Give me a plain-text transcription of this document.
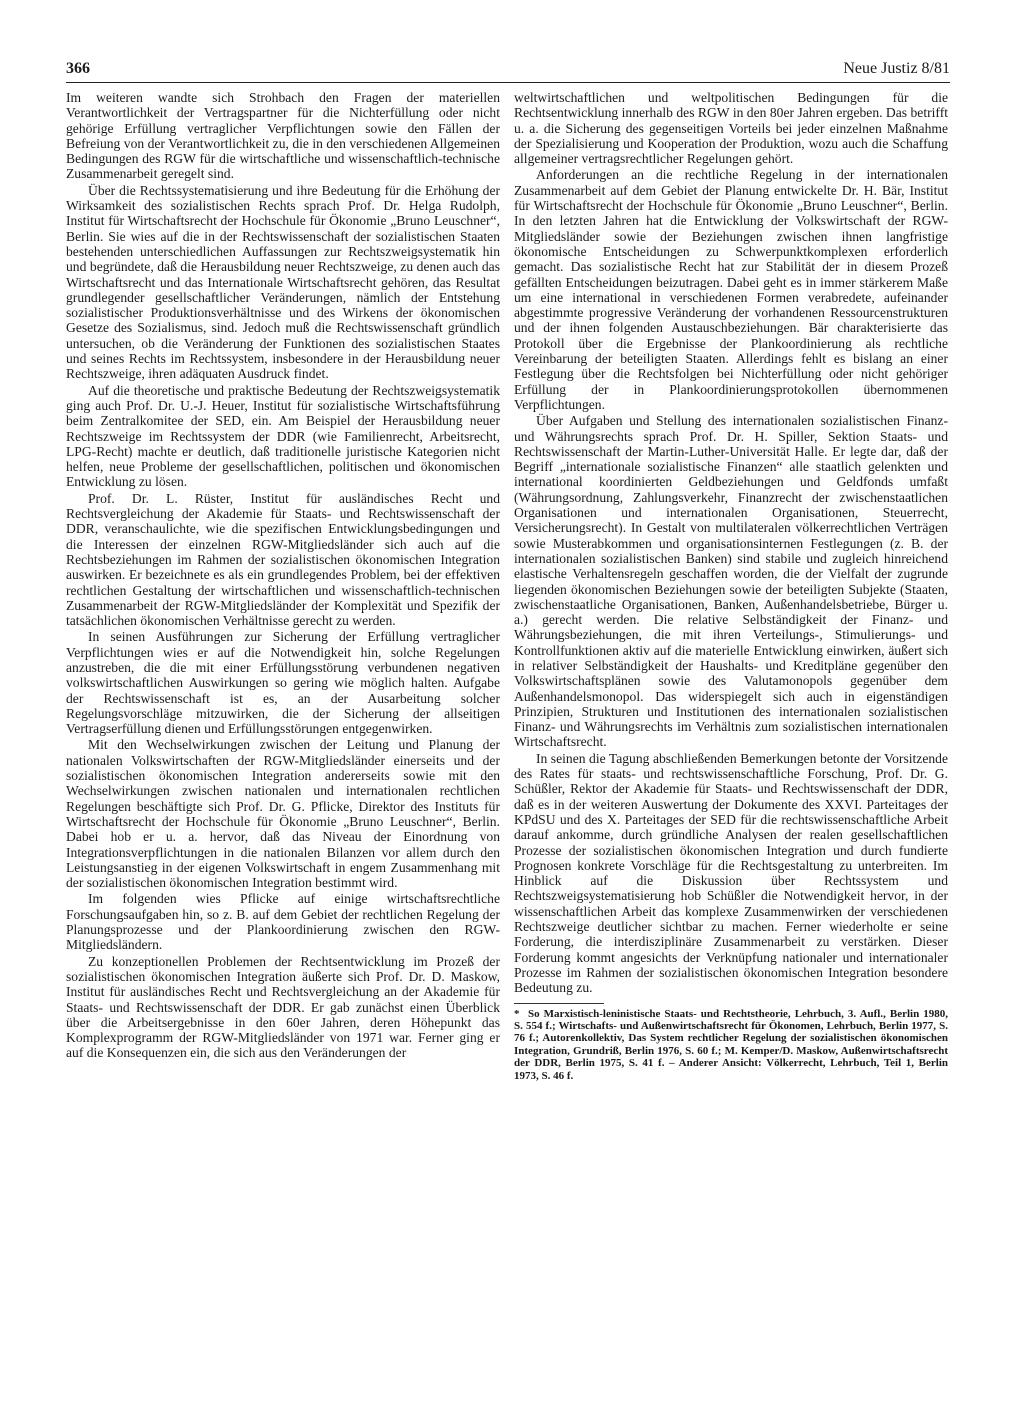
366	Neue Justiz 8/81

Im weiteren wandte sich Strohbach den Fragen der materiellen Verantwortlichkeit der Vertragspartner für die Nichterfüllung oder nicht gehörige Erfüllung vertraglicher Verpflichtungen sowie den Fällen der Befreiung von der Verantwortlichkeit zu, die in den verschiedenen Allgemeinen Bedingungen des RGW für die wirtschaftliche und wissenschaftlich-technische Zusammenarbeit geregelt sind.

Über die Rechtssystematisierung und ihre Bedeutung für die Erhöhung der Wirksamkeit des sozialistischen Rechts sprach Prof. Dr. Helga Rudolph, Institut für Wirtschaftsrecht der Hochschule für Ökonomie „Bruno Leuschner“, Berlin. Sie wies auf die in der Rechtswissenschaft der sozialistischen Staaten bestehenden unterschiedlichen Auffassungen zur Rechtszweigsystematik hin und begründete, daß die Herausbildung neuer Rechtszweige, zu denen auch das Wirtschaftsrecht und das Internationale Wirtschaftsrecht gehören, das Resultat grundlegender gesellschaftlicher Veränderungen, nämlich der Entstehung sozialistischer Produktionsverhältnisse und des Wirkens der ökonomischen Gesetze des Sozialismus, sind. Jedoch muß die Rechtswissenschaft gründlich untersuchen, ob die Veränderung der Funktionen des sozialistischen Staates und seines Rechts im Rechtssystem, insbesondere in der Herausbildung neuer Rechtszweige, ihren adäquaten Ausdruck findet.

Auf die theoretische und praktische Bedeutung der Rechtszweigsystematik ging auch Prof. Dr. U.-J. Heuer, Institut für sozialistische Wirtschaftsführung beim Zentralkomitee der SED, ein. Am Beispiel der Herausbildung neuer Rechtszweige im Rechtssystem der DDR (wie Familienrecht, Arbeitsrecht, LPG-Recht) machte er deutlich, daß traditionelle juristische Kategorien nicht helfen, neue Probleme der gesellschaftlichen, politischen und ökonomischen Entwicklung zu lösen.

Prof. Dr. L. Rüster, Institut für ausländisches Recht und Rechtsvergleichung der Akademie für Staats- und Rechtswissenschaft der DDR, veranschaulichte, wie die spezifischen Entwicklungsbedingungen und die Interessen der einzelnen RGW-Mitgliedsländer sich auch auf die Rechtsbeziehungen im Rahmen der sozialistischen ökonomischen Integration auswirken. Er bezeichnete es als ein grundlegendes Problem, bei der effektiven rechtlichen Gestaltung der wirtschaftlichen und wissenschaftlich-technischen Zusammenarbeit der RGW-Mitgliedsländer der Komplexität und Spezifik der tatsächlichen ökonomischen Verhältnisse gerecht zu werden.

In seinen Ausführungen zur Sicherung der Erfüllung vertraglicher Verpflichtungen wies er auf die Notwendigkeit hin, solche Regelungen anzustreben, die die mit einer Erfüllungsstörung verbundenen negativen volkswirtschaftlichen Auswirkungen so gering wie möglich halten. Aufgabe der Rechtswissenschaft ist es, an der Ausarbeitung solcher Regelungsvorschläge mitzuwirken, die der Sicherung der allseitigen Vertragserfüllung dienen und Erfüllungsstörungen entgegenwirken.

Mit den Wechselwirkungen zwischen der Leitung und Planung der nationalen Volkswirtschaften der RGW-Mitgliedsländer einerseits und der sozialistischen ökonomischen Integration andererseits sowie mit den Wechselwirkungen zwischen nationalen und internationalen rechtlichen Regelungen beschäftigte sich Prof. Dr. G. Pflicke, Direktor des Instituts für Wirtschaftsrecht der Hochschule für Ökonomie „Bruno Leuschner“, Berlin. Dabei hob er u. a. hervor, daß das Niveau der Einordnung von Integrationsverpflichtungen in die nationalen Bilanzen vor allem durch den Leistungsanstieg in der eigenen Volkswirtschaft in engem Zusammenhang mit der sozialistischen ökonomischen Integration bestimmt wird.

Im folgenden wies Pflicke auf einige wirtschaftsrechtliche Forschungsaufgaben hin, so z. B. auf dem Gebiet der rechtlichen Regelung der Planungsprozesse und der Plankoordinierung zwischen den RGW-Mitgliedsländern.

Zu konzeptionellen Problemen der Rechtsentwicklung im Prozeß der sozialistischen ökonomischen Integration äußerte sich Prof. Dr. D. Maskow, Institut für ausländisches Recht und Rechtsvergleichung an der Akademie für Staats- und Rechtswissenschaft der DDR. Er gab zunächst einen Überblick über die Arbeitsergebnisse in den 60er Jahren, deren Höhepunkt das Komplexprogramm der RGW-Mitgliedsländer von 1971 war. Ferner ging er auf die Konsequenzen ein, die sich aus den Veränderungen der

weltwirtschaftlichen und weltpolitischen Bedingungen für die Rechtsentwicklung innerhalb des RGW in den 80er Jahren ergeben. Das betrifft u. a. die Sicherung des gegenseitigen Vorteils bei jeder einzelnen Maßnahme der Spezialisierung und Kooperation der Produktion, wozu auch die Schaffung allgemeiner vertragsrechtlicher Regelungen gehört.

Anforderungen an die rechtliche Regelung in der internationalen Zusammenarbeit auf dem Gebiet der Planung entwickelte Dr. H. Bär, Institut für Wirtschaftsrecht der Hochschule für Ökonomie „Bruno Leuschner“, Berlin. In den letzten Jahren hat die Entwicklung der Volkswirtschaft der RGW-Mitgliedsländer sowie der Beziehungen zwischen ihnen langfristige ökonomische Entscheidungen zu Schwerpunktkomplexen erforderlich gemacht. Das sozialistische Recht hat zur Stabilität der in diesem Prozeß gefällten Entscheidungen beizutragen. Dabei geht es in immer stärkerem Maße um eine international in verschiedenen Formen verabredete, aufeinander abgestimmte progressive Veränderung der vorhandenen Ressourcenstrukturen und der ihnen folgenden Austauschbeziehungen. Bär charakterisierte das Protokoll über die Ergebnisse der Plankoordinierung als rechtliche Vereinbarung der beteiligten Staaten. Allerdings fehlt es bislang an einer Festlegung über die Rechtsfolgen bei Nichterfüllung oder nicht gehöriger Erfüllung der in Plankoordinierungsprotokollen übernommenen Verpflichtungen.

Über Aufgaben und Stellung des internationalen sozialistischen Finanz- und Währungsrechts sprach Prof. Dr. H. Spiller, Sektion Staats- und Rechtswissenschaft der Martin-Luther-Universität Halle. Er legte dar, daß der Begriff „internationale sozialistische Finanzen“ alle staatlich gelenkten und international koordinierten Geldbeziehungen und Geldfonds umfaßt (Währungsordnung, Zahlungsverkehr, Finanzrecht der zwischenstaatlichen Organisationen und internationalen Organisationen, Steuerrecht, Versicherungsrecht). In Gestalt von multilateralen völkerrechtlichen Verträgen sowie Musterabkommen und organisationsinternen Festlegungen (z. B. der internationalen sozialistischen Banken) sind stabile und zugleich hinreichend elastische Verhaltensregeln geschaffen worden, die der Vielfalt der zugrunde liegenden ökonomischen Beziehungen sowie der beteiligten Subjekte (Staaten, zwischenstaatliche Organisationen, Banken, Außenhandelsbetriebe, Bürger u. a.) gerecht werden. Die relative Selbständigkeit der Finanz- und Währungsbeziehungen, die mit ihren Verteilungs-, Stimulierungs- und Kontrollfunktionen aktiv auf die materielle Entwicklung einwirken, äußert sich in relativer Selbständigkeit der Haushalts- und Kreditpläne gegenüber den Volkswirtschaftsplänen sowie des Valutamonopols gegenüber dem Außenhandelsmonopol. Das widerspiegelt sich auch in eigenständigen Prinzipien, Strukturen und Institutionen des internationalen sozialistischen Finanz- und Währungsrechts im Verhältnis zum sozialistischen internationalen Wirtschaftsrecht.

In seinen die Tagung abschließenden Bemerkungen betonte der Vorsitzende des Rates für staats- und rechtswissenschaftliche Forschung, Prof. Dr. G. Schüßler, Rektor der Akademie für Staats- und Rechtswissenschaft der DDR, daß es in der weiteren Auswertung der Dokumente des XXVI. Parteitages der KPdSU und des X. Parteitages der SED für die rechtswissenschaftliche Arbeit darauf ankomme, durch gründliche Analysen der realen gesellschaftlichen Prozesse der sozialistischen ökonomischen Integration und durch fundierte Prognosen konkrete Vorschläge für die Rechtsgestaltung zu unterbreiten. Im Hinblick auf die Diskussion über Rechtssystem und Rechtszweigsystematisierung hob Schüßler die Notwendigkeit hervor, in der wissenschaftlichen Arbeit das komplexe Zusammenwirken der verschiedenen Rechtszweige deutlicher sichtbar zu machen. Ferner wiederholte er seine Forderung, die interdisziplinäre Zusammenarbeit zu verstärken. Dieser Forderung kommt angesichts der Verknüpfung nationaler und internationaler Prozesse im Rahmen der sozialistischen ökonomischen Integration besondere Bedeutung zu.

* So Marxistisch-leninistische Staats- und Rechtstheorie, Lehrbuch, 3. Aufl., Berlin 1980, S. 554 f.; Wirtschafts- und Außenwirtschaftsrecht für Ökonomen, Lehrbuch, Berlin 1977, S. 76 f.; Autorenkollektiv, Das System rechtlicher Regelung der sozialistischen ökonomischen Integration, Grundriß, Berlin 1976, S. 60 f.; M. Kemper/D. Maskow, Außenwirtschaftsrecht der DDR, Berlin 1975, S. 41 f. – Anderer Ansicht: Völkerrecht, Lehrbuch, Teil 1, Berlin 1973, S. 46 f.
